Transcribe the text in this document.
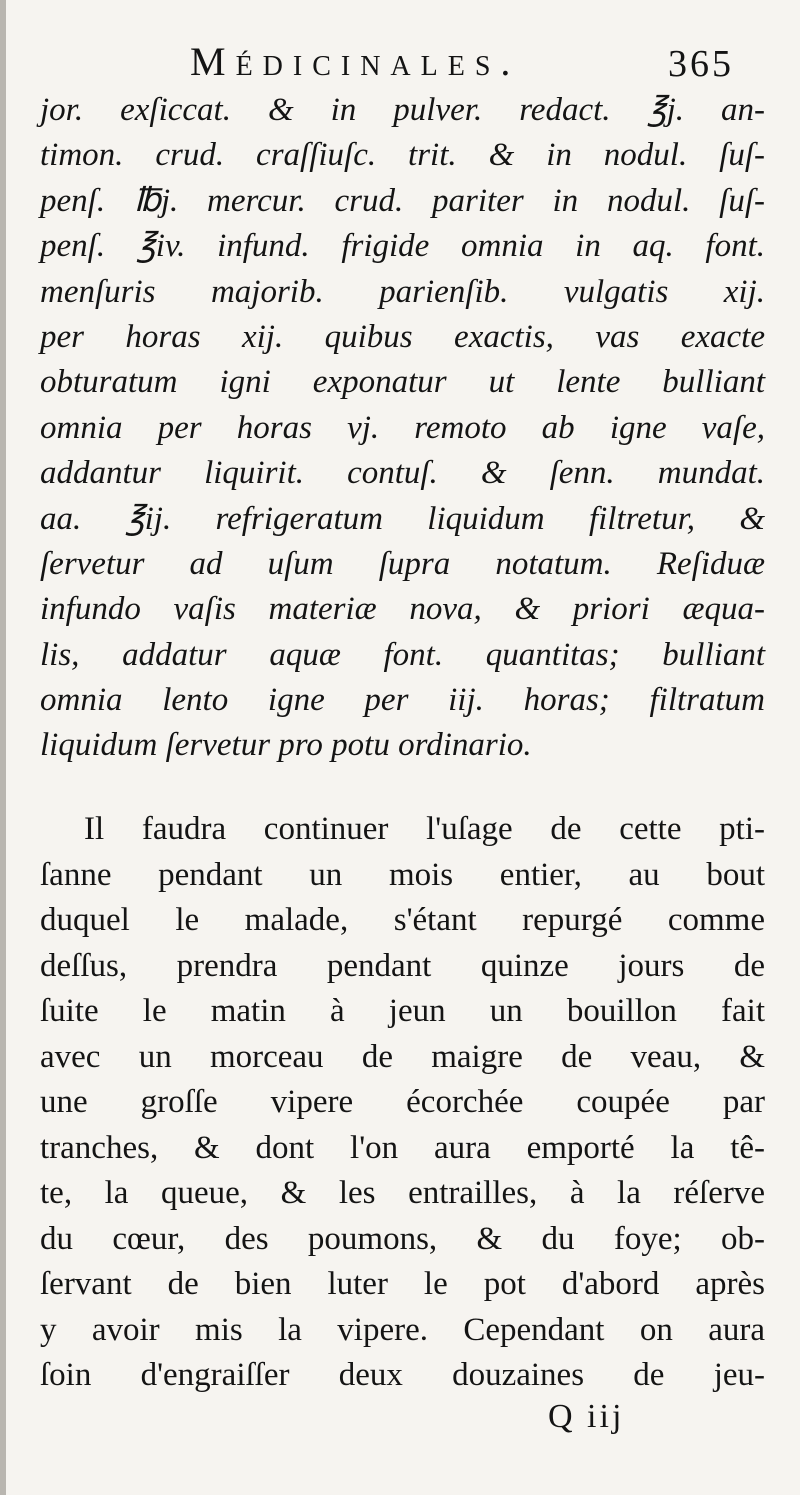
Médicinales.	365
jor. exſiccat. & in pulver. redact. ℥j. an-
timon. crud. craſſiuſc. trit. & in nodul. ſuſ-
penſ. ℔j. mercur. crud. pariter in nodul. ſuſ-
penſ. ℥iv. infund. frigide omnia in aq. font.
menſuris majorib. parienſib. vulgatis xij.
per horas xij. quibus exactis, vas exacte
obturatum igni exponatur ut lente bulliant
omnia per horas vj. remoto ab igne vaſe,
addantur liquirit. contuſ. & ſenn. mundat.
aa. ℥ij. refrigeratum liquidum filtretur, &
ſervetur ad uſum ſupra notatum. Reſiduæ
infundo vaſis materiæ nova, & priori æqua-
lis, addatur aquæ font. quantitas; bulliant
omnia lento igne per iij. horas; filtratum
liquidum ſervetur pro potu ordinario.
Il faudra continuer l'uſage de cette pti-
ſanne pendant un mois entier, au bout
duquel le malade, s'étant repurgé comme
deſſus, prendra pendant quinze jours de
ſuite le matin à jeun un bouillon fait
avec un morceau de maigre de veau, &
une groſſe vipere écorchée coupée par
tranches, & dont l'on aura emporté la tê-
te, la queue, & les entrailles, à la réſerve
du cœur, des poumons, & du foye; ob-
ſervant de bien luter le pot d'abord après
y avoir mis la vipere. Cependant on aura
ſoin d'engraiſſer deux douzaines de jeu-
Q iij
